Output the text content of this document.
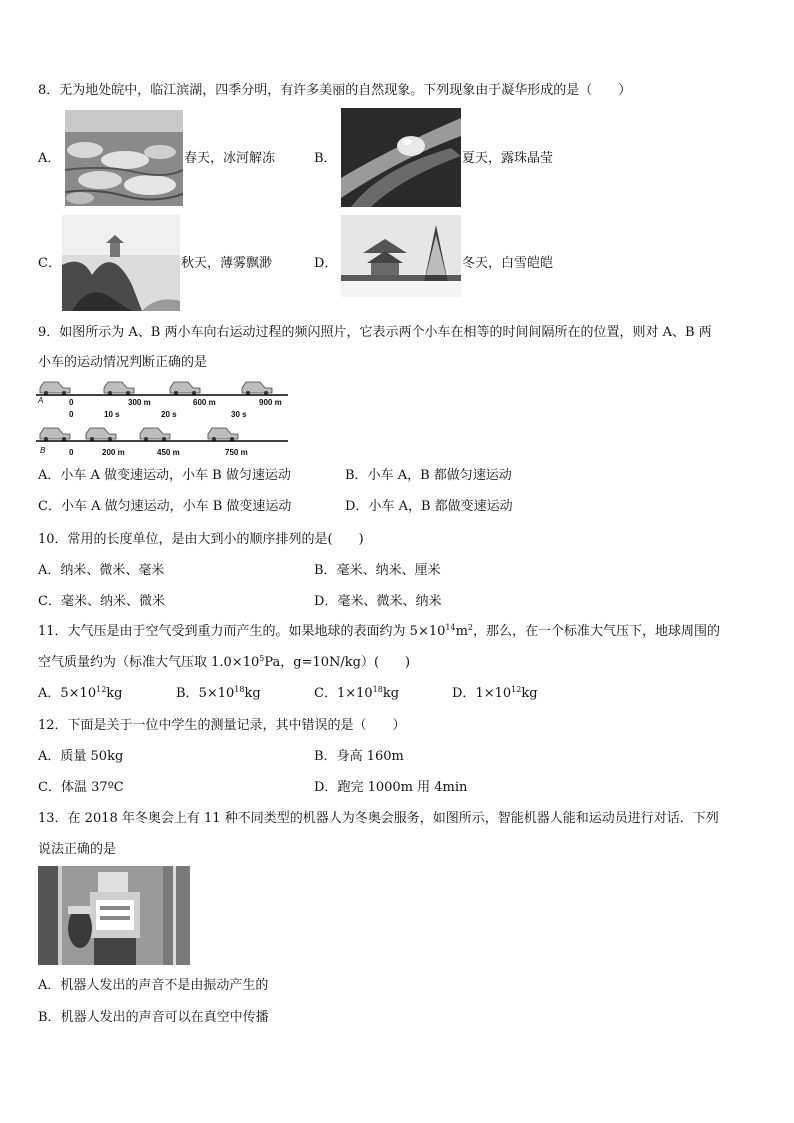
8．无为地处皖中，临江滨湖，四季分明，有许多美丽的自然现象。下列现象由于凝华形成的是（　　）
A．	春天，冰河解冻	B．	夏天，露珠晶莹
C．	秋天，薄雾飘渺	D．	冬天，白雪皑皑
9．如图所示为 A、B 两小车向右运动过程的频闪照片，它表示两个小车在相等的时间间隔所在的位置，则对 A、B 两
小车的运动情况判断正确的是
A	0	300 m	600 m	900 m
0	10 s	20 s	30 s
B	0	200 m	450 m	750 m
A．小车 A 做变速运动，小车 B 做匀速运动	B．小车 A，B 都做匀速运动
C．小车 A 做匀速运动，小车 B 做变速运动	D．小车 A，B 都做变速运动
10．常用的长度单位，是由大到小的顺序排列的是(　　)
A．纳米、微米、毫米	B．毫米、纳米、厘米
C．毫米、纳米、微米	D．毫米、微米、纳米
11．大气压是由于空气受到重力而产生的。如果地球的表面约为 $5\times 10^{14}m^2$，那么，在一个标准大气压下，地球周围的
空气质量约为（标准大气压取 $1.0\times 10^5Pa$，g=10N/kg）(　　)
A．$5\times 10^{12}kg$	B．$5\times 10^{18}kg$	C．$1\times 10^{18}kg$	D．$1\times 10^{12}kg$
12．下面是关于一位中学生的测量记录，其中错误的是（　　）
A．质量 50kg	B．身高 160m
C．体温 37ºC	D．跑完 1000m 用 4min
13．在 2018 年冬奥会上有 11 种不同类型的机器人为冬奥会服务，如图所示，智能机器人能和运动员进行对话．下列
说法正确的是
A．机器人发出的声音不是由振动产生的
B．机器人发出的声音可以在真空中传播
